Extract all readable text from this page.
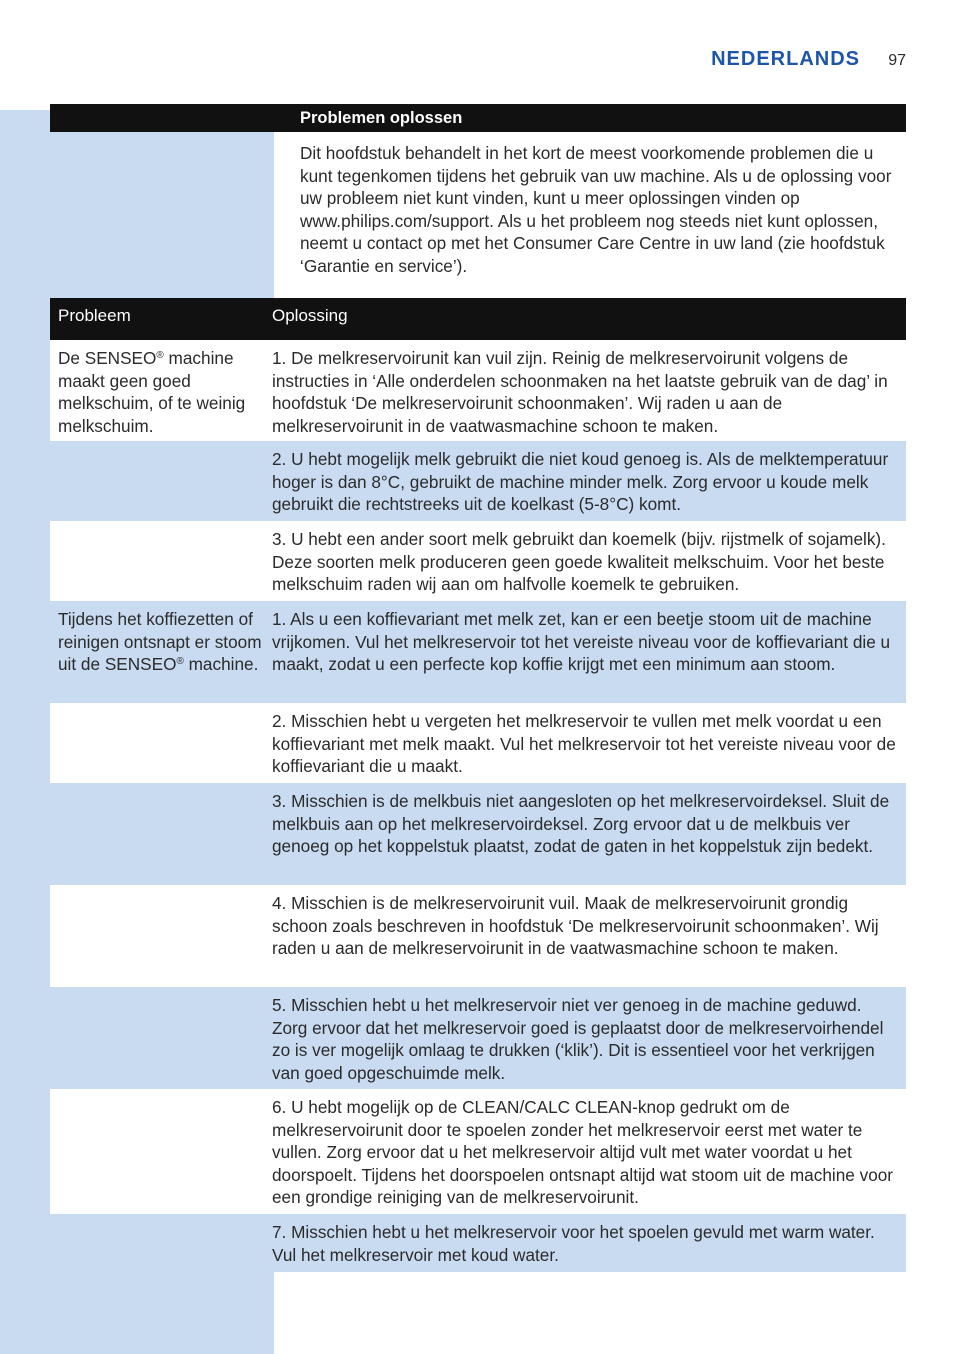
NEDERLANDS	97
Problemen oplossen
Dit hoofdstuk behandelt in het kort de meest voorkomende problemen die u kunt tegenkomen tijdens het gebruik van uw machine. Als u de oplossing voor uw probleem niet kunt vinden, kunt u meer oplossingen vinden op www.philips.com/support. Als u het probleem nog steeds niet kunt oplossen, neemt u contact op met het Consumer Care Centre in uw land (zie hoofdstuk ‘Garantie en service’).
Probleem	Oplossing
De SENSEO® machine maakt geen goed melkschuim, of te weinig melkschuim.
1. De melkreservoirunit kan vuil zijn. Reinig de melkreservoirunit volgens de instructies in ‘Alle onderdelen schoonmaken na het laatste gebruik van de dag’ in hoofdstuk ‘De melkreservoirunit schoonmaken’. Wij raden u aan de melkreservoirunit in de vaatwasmachine schoon te maken.
2. U hebt mogelijk melk gebruikt die niet koud genoeg is. Als de melktemperatuur hoger is dan 8°C, gebruikt de machine minder melk. Zorg ervoor u koude melk gebruikt die rechtstreeks uit de koelkast (5-8°C) komt.
3. U hebt een ander soort melk gebruikt dan koemelk (bijv. rijstmelk of sojamelk). Deze soorten melk produceren geen goede kwaliteit melkschuim. Voor het beste melkschuim raden wij aan om halfvolle koemelk te gebruiken.
Tijdens het koffiezetten of reinigen ontsnapt er stoom uit de SENSEO® machine.
1. Als u een koffievariant met melk zet, kan er een beetje stoom uit de machine vrijkomen. Vul het melkreservoir tot het vereiste niveau voor de koffievariant die u maakt, zodat u een perfecte kop koffie krijgt met een minimum aan stoom.
2. Misschien hebt u vergeten het melkreservoir te vullen met melk voordat u een koffievariant met melk maakt. Vul het melkreservoir tot het vereiste niveau voor de koffievariant die u maakt.
3. Misschien is de melkbuis niet aangesloten op het melkreservoirdeksel. Sluit de melkbuis aan op het melkreservoirdeksel. Zorg ervoor dat u de melkbuis ver genoeg op het koppelstuk plaatst, zodat de gaten in het koppelstuk zijn bedekt.
4. Misschien is de melkreservoirunit vuil. Maak de melkreservoirunit grondig schoon zoals beschreven in hoofdstuk ‘De melkreservoirunit schoonmaken’. Wij raden u aan de melkreservoirunit in de vaatwasmachine schoon te maken.
5. Misschien hebt u het melkreservoir niet ver genoeg in de machine geduwd. Zorg ervoor dat het melkreservoir goed is geplaatst door de melkreservoirhendel zo is ver mogelijk omlaag te drukken (‘klik’). Dit is essentieel voor het verkrijgen van goed opgeschuimde melk.
6. U hebt mogelijk op de CLEAN/CALC CLEAN-knop gedrukt om de melkreservoirunit door te spoelen zonder het melkreservoir eerst met water te vullen. Zorg ervoor dat u het melkreservoir altijd vult met water voordat u het doorspoelt. Tijdens het doorspoelen ontsnapt altijd wat stoom uit de machine voor een grondige reiniging van de melkreservoirunit.
7. Misschien hebt u het melkreservoir voor het spoelen gevuld met warm water. Vul het melkreservoir met koud water.
